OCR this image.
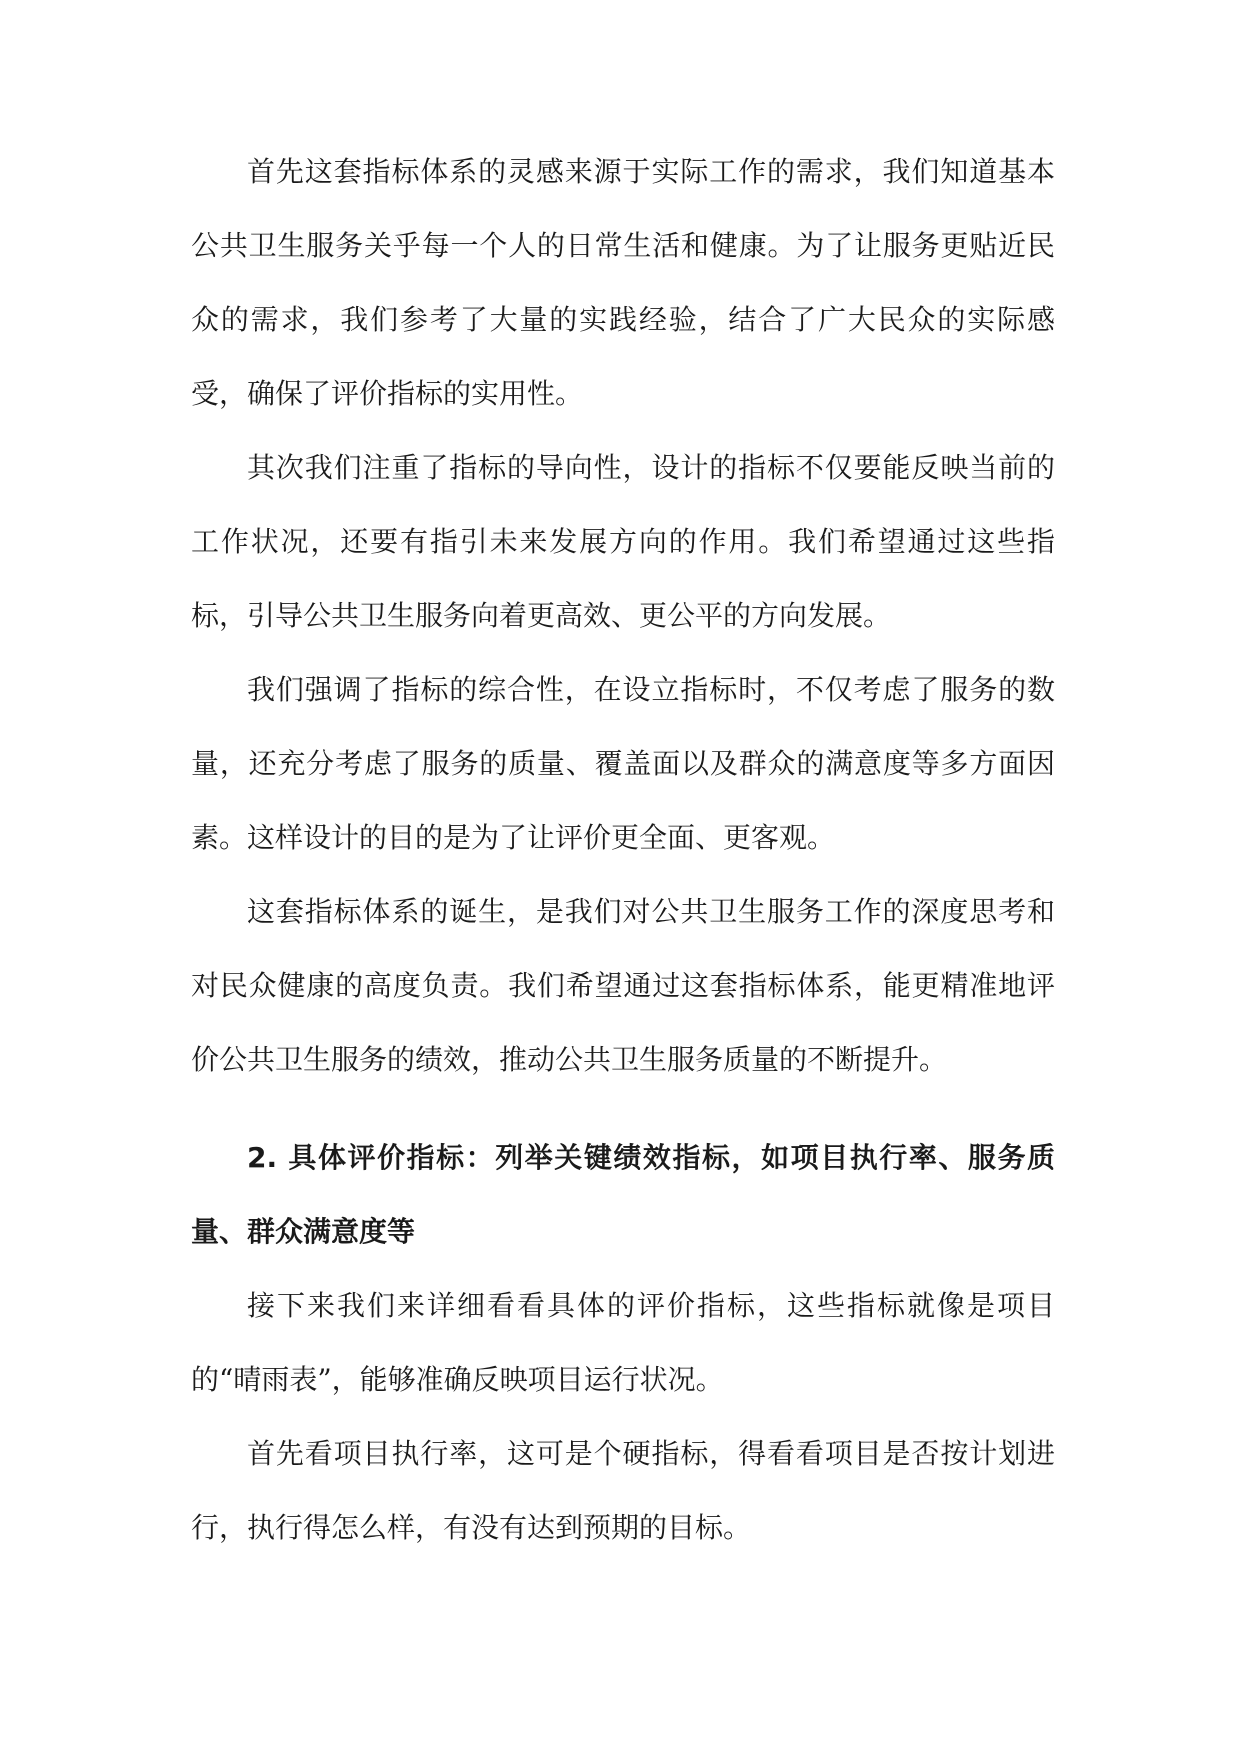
首先这套指标体系的灵感来源于实际工作的需求，我们知道基本公共卫生服务关乎每一个人的日常生活和健康。为了让服务更贴近民众的需求，我们参考了大量的实践经验，结合了广大民众的实际感受，确保了评价指标的实用性。

其次我们注重了指标的导向性，设计的指标不仅要能反映当前的工作状况，还要有指引未来发展方向的作用。我们希望通过这些指标，引导公共卫生服务向着更高效、更公平的方向发展。

我们强调了指标的综合性，在设立指标时，不仅考虑了服务的数量，还充分考虑了服务的质量、覆盖面以及群众的满意度等多方面因素。这样设计的目的是为了让评价更全面、更客观。

这套指标体系的诞生，是我们对公共卫生服务工作的深度思考和对民众健康的高度负责。我们希望通过这套指标体系，能更精准地评价公共卫生服务的绩效，推动公共卫生服务质量的不断提升。

2. 具体评价指标：列举关键绩效指标，如项目执行率、服务质量、群众满意度等

接下来我们来详细看看具体的评价指标，这些指标就像是项目的“晴雨表”，能够准确反映项目运行状况。

首先看项目执行率，这可是个硬指标，得看看项目是否按计划进行，执行得怎么样，有没有达到预期的目标。
